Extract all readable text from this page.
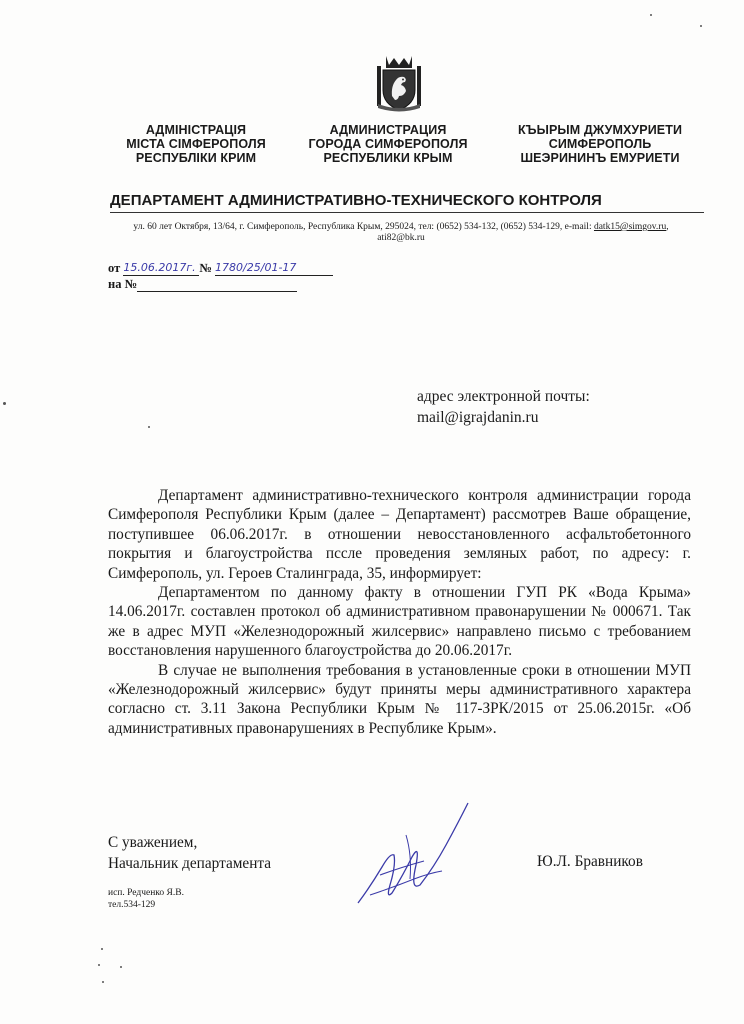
АДМІНІСТРАЦІЯ
МІСТА СІМФЕРОПОЛЯ
РЕСПУБЛІКИ КРИМ
АДМИНИСТРАЦИЯ
ГОРОДА СИМФЕРОПОЛЯ
РЕСПУБЛИКИ КРЫМ
КЪЫРЫМ ДЖУМХУРИЕТИ
СИМФЕРОПОЛЬ
ШЕЭРИНИНЪ ЕМУРИЕТИ
ДЕПАРТАМЕНТ АДМИНИСТРАТИВНО-ТЕХНИЧЕСКОГО КОНТРОЛЯ
ул. 60 лет Октября, 13/64, г. Симферополь, Республика Крым, 295024, тел: (0652) 534-132, (0652) 534-129, e-mail: datk15@simgov.ru,
ati82@bk.ru
от 15.06.2017г. № 1780/25/01-17
на №
адрес электронной почты:
mail@igrajdanin.ru

Департамент административно-технического контроля администрации города Симферополя Республики Крым (далее – Департамент) рассмотрев Ваше обращение, поступившее 06.06.2017г. в отношении невосстановленного асфальтобетонного покрытия и благоустройства пссле проведения земляных работ, по адресу: г. Симферополь, ул. Героев Сталинграда, 35, информирует:

Департаментом по данному факту в отношении ГУП РК «Вода Крыма» 14.06.2017г. составлен протокол об административном правонарушении № 000671. Так же в адрес МУП «Железнодорожный жилсервис» направлено письмо с требованием восстановления нарушенного благоустройства до 20.06.2017г.

В случае не выполнения требования в установленные сроки в отношении МУП «Железнодорожный жилсервис» будут приняты меры административного характера согласно ст. 3.11 Закона Республики Крым № 117-ЗРК/2015 от 25.06.2015г. «Об административных правонарушениях в Республике Крым».

С уважением,
Начальник департамента	Ю.Л. Бравников
исп. Редченко Я.В.
тел.534-129
